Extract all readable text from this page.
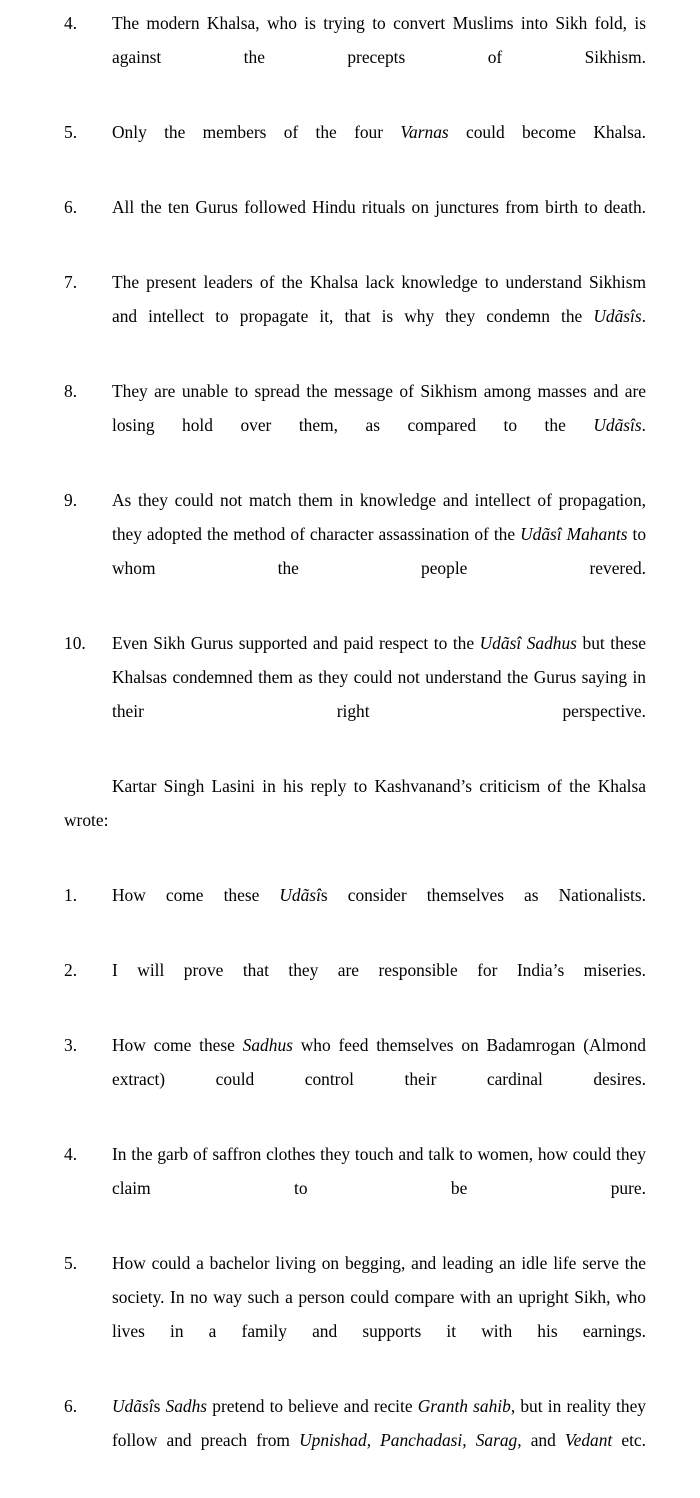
4.	The modern Khalsa, who is trying to convert Muslims into Sikh fold, is against the precepts of Sikhism.
5.	Only the members of the four Varnas could become Khalsa.
6.	All the ten Gurus followed Hindu rituals on junctures from birth to death.
7.	The present leaders of the Khalsa lack knowledge to understand Sikhism and intellect to propagate it, that is why they condemn the Udãsîs.
8.	They are unable to spread the message of Sikhism among masses and are losing hold over them, as compared to the Udãsîs.
9.	As they could not match them in knowledge and intellect of propagation, they adopted the method of character assassination of the Udãsî Mahants to whom the people revered.
10.	Even Sikh Gurus supported and paid respect to the Udãsî Sadhus but these Khalsas condemned them as they could not understand the Gurus saying in their right perspective.

Kartar Singh Lasini in his reply to Kashvanand’s criticism of the Khalsa wrote:

1.	How come these Udãsîs consider themselves as Nationalists.
2.	I will prove that they are responsible for India’s miseries.
3.	How come these Sadhus who feed themselves on Badamrogan (Almond extract) could control their cardinal desires.
4.	In the garb of saffron clothes they touch and talk to women, how could they claim to be pure.
5.	How could a bachelor living on begging, and leading an idle life serve the society. In no way such a person could compare with an upright Sikh, who lives in a family and supports it with his earnings.
6.	Udãsîs Sadhs pretend to believe and recite Granth sahib, but in reality they follow and preach from Upnishad, Panchadasi, Sarag, and Vedant etc.
